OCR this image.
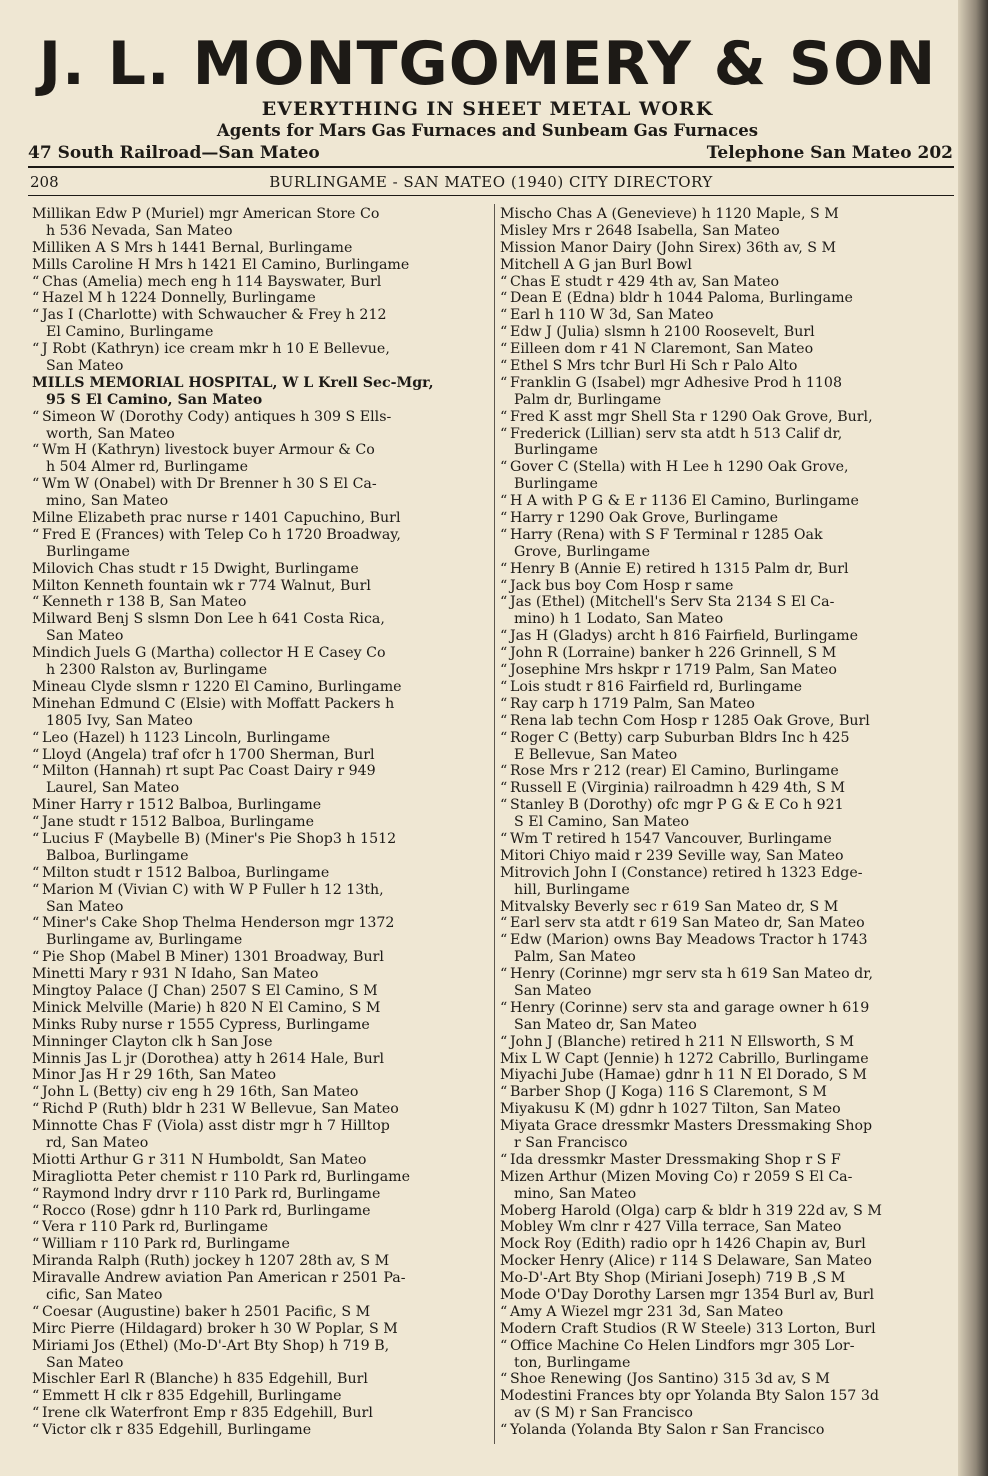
J. L. MONTGOMERY & SON
EVERYTHING IN SHEET METAL WORK
Agents for Mars Gas Furnaces and Sunbeam Gas Furnaces
47 South Railroad—San Mateo	Telephone San Mateo 202
208	BURLINGAME - SAN MATEO (1940) CITY DIRECTORY
Millikan Edw P (Muriel) mgr American Store Co
h 536 Nevada, San Mateo
Milliken A S Mrs h 1441 Bernal, Burlingame
Mills Caroline H Mrs h 1421 El Camino, Burlingame
“ Chas (Amelia) mech eng h 114 Bayswater, Burl
“ Hazel M h 1224 Donnelly, Burlingame
“ Jas I (Charlotte) with Schwaucher & Frey h 212
El Camino, Burlingame
“ J Robt (Kathryn) ice cream mkr h 10 E Bellevue,
San Mateo
MILLS MEMORIAL HOSPITAL, W L Krell Sec-Mgr,
95 S El Camino, San Mateo
“ Simeon W (Dorothy Cody) antiques h 309 S Ells-
worth, San Mateo
“ Wm H (Kathryn) livestock buyer Armour & Co
h 504 Almer rd, Burlingame
“ Wm W (Onabel) with Dr Brenner h 30 S El Ca-
mino, San Mateo
Milne Elizabeth prac nurse r 1401 Capuchino, Burl
“ Fred E (Frances) with Telep Co h 1720 Broadway,
Burlingame
Milovich Chas studt r 15 Dwight, Burlingame
Milton Kenneth fountain wk r 774 Walnut, Burl
“ Kenneth r 138 B, San Mateo
Milward Benj S slsmn Don Lee h 641 Costa Rica,
San Mateo
Mindich Juels G (Martha) collector H E Casey Co
h 2300 Ralston av, Burlingame
Mineau Clyde slsmn r 1220 El Camino, Burlingame
Minehan Edmund C (Elsie) with Moffatt Packers h
1805 Ivy, San Mateo
“ Leo (Hazel) h 1123 Lincoln, Burlingame
“ Lloyd (Angela) traf ofcr h 1700 Sherman, Burl
“ Milton (Hannah) rt supt Pac Coast Dairy r 949
Laurel, San Mateo
Miner Harry r 1512 Balboa, Burlingame
“ Jane studt r 1512 Balboa, Burlingame
“ Lucius F (Maybelle B) (Miner's Pie Shop3 h 1512
Balboa, Burlingame
“ Milton studt r 1512 Balboa, Burlingame
“ Marion M (Vivian C) with W P Fuller h 12 13th,
San Mateo
“ Miner's Cake Shop Thelma Henderson mgr 1372
Burlingame av, Burlingame
“ Pie Shop (Mabel B Miner) 1301 Broadway, Burl
Minetti Mary r 931 N Idaho, San Mateo
Mingtoy Palace (J Chan) 2507 S El Camino, S M
Minick Melville (Marie) h 820 N El Camino, S M
Minks Ruby nurse r 1555 Cypress, Burlingame
Minninger Clayton clk h San Jose
Minnis Jas L jr (Dorothea) atty h 2614 Hale, Burl
Minor Jas H r 29 16th, San Mateo
“ John L (Betty) civ eng h 29 16th, San Mateo
“ Richd P (Ruth) bldr h 231 W Bellevue, San Mateo
Minnotte Chas F (Viola) asst distr mgr h 7 Hilltop
rd, San Mateo
Miotti Arthur G r 311 N Humboldt, San Mateo
Miragliotta Peter chemist r 110 Park rd, Burlingame
“ Raymond lndry drvr r 110 Park rd, Burlingame
“ Rocco (Rose) gdnr h 110 Park rd, Burlingame
“ Vera r 110 Park rd, Burlingame
“ William r 110 Park rd, Burlingame
Miranda Ralph (Ruth) jockey h 1207 28th av, S M
Miravalle Andrew aviation Pan American r 2501 Pa-
cific, San Mateo
“ Coesar (Augustine) baker h 2501 Pacific, S M
Mirc Pierre (Hildagard) broker h 30 W Poplar, S M
Miriami Jos (Ethel) (Mo-D'-Art Bty Shop) h 719 B,
San Mateo
Mischler Earl R (Blanche) h 835 Edgehill, Burl
“ Emmett H clk r 835 Edgehill, Burlingame
“ Irene clk Waterfront Emp r 835 Edgehill, Burl
“ Victor clk r 835 Edgehill, Burlingame
Mischo Chas A (Genevieve) h 1120 Maple, S M
Misley Mrs r 2648 Isabella, San Mateo
Mission Manor Dairy (John Sirex) 36th av, S M
Mitchell A G jan Burl Bowl
“ Chas E studt r 429 4th av, San Mateo
“ Dean E (Edna) bldr h 1044 Paloma, Burlingame
“ Earl h 110 W 3d, San Mateo
“ Edw J (Julia) slsmn h 2100 Roosevelt, Burl
“ Eilleen dom r 41 N Claremont, San Mateo
“ Ethel S Mrs tchr Burl Hi Sch r Palo Alto
“ Franklin G (Isabel) mgr Adhesive Prod h 1108
Palm dr, Burlingame
“ Fred K asst mgr Shell Sta r 1290 Oak Grove, Burl,
“ Frederick (Lillian) serv sta atdt h 513 Calif dr,
Burlingame
“ Gover C (Stella) with H Lee h 1290 Oak Grove,
Burlingame
“ H A with P G & E r 1136 El Camino, Burlingame
“ Harry r 1290 Oak Grove, Burlingame
“ Harry (Rena) with S F Terminal r 1285 Oak
Grove, Burlingame
“ Henry B (Annie E) retired h 1315 Palm dr, Burl
“ Jack bus boy Com Hosp r same
“ Jas (Ethel) (Mitchell's Serv Sta 2134 S El Ca-
mino) h 1 Lodato, San Mateo
“ Jas H (Gladys) archt h 816 Fairfield, Burlingame
“ John R (Lorraine) banker h 226 Grinnell, S M
“ Josephine Mrs hskpr r 1719 Palm, San Mateo
“ Lois studt r 816 Fairfield rd, Burlingame
“ Ray carp h 1719 Palm, San Mateo
“ Rena lab techn Com Hosp r 1285 Oak Grove, Burl
“ Roger C (Betty) carp Suburban Bldrs Inc h 425
E Bellevue, San Mateo
“ Rose Mrs r 212 (rear) El Camino, Burlingame
“ Russell E (Virginia) railroadmn h 429 4th, S M
“ Stanley B (Dorothy) ofc mgr P G & E Co h 921
S El Camino, San Mateo
“ Wm T retired h 1547 Vancouver, Burlingame
Mitori Chiyo maid r 239 Seville way, San Mateo
Mitrovich John I (Constance) retired h 1323 Edge-
hill, Burlingame
Mitvalsky Beverly sec r 619 San Mateo dr, S M
“ Earl serv sta atdt r 619 San Mateo dr, San Mateo
“ Edw (Marion) owns Bay Meadows Tractor h 1743
Palm, San Mateo
“ Henry (Corinne) mgr serv sta h 619 San Mateo dr,
San Mateo
“ Henry (Corinne) serv sta and garage owner h 619
San Mateo dr, San Mateo
“ John J (Blanche) retired h 211 N Ellsworth, S M
Mix L W Capt (Jennie) h 1272 Cabrillo, Burlingame
Miyachi Jube (Hamae) gdnr h 11 N El Dorado, S M
“ Barber Shop (J Koga) 116 S Claremont, S M
Miyakusu K (M) gdnr h 1027 Tilton, San Mateo
Miyata Grace dressmkr Masters Dressmaking Shop
r San Francisco
“ Ida dressmkr Master Dressmaking Shop r S F
Mizen Arthur (Mizen Moving Co) r 2059 S El Ca-
mino, San Mateo
Moberg Harold (Olga) carp & bldr h 319 22d av, S M
Mobley Wm clnr r 427 Villa terrace, San Mateo
Mock Roy (Edith) radio opr h 1426 Chapin av, Burl
Mocker Henry (Alice) r 114 S Delaware, San Mateo
Mo-D'-Art Bty Shop (Miriani Joseph) 719 B ,S M
Mode O'Day Dorothy Larsen mgr 1354 Burl av, Burl
“ Amy A Wiezel mgr 231 3d, San Mateo
Modern Craft Studios (R W Steele) 313 Lorton, Burl
“ Office Machine Co Helen Lindfors mgr 305 Lor-
ton, Burlingame
“ Shoe Renewing (Jos Santino) 315 3d av, S M
Modestini Frances bty opr Yolanda Bty Salon 157 3d
av (S M) r San Francisco
“ Yolanda (Yolanda Bty Salon r San Francisco
